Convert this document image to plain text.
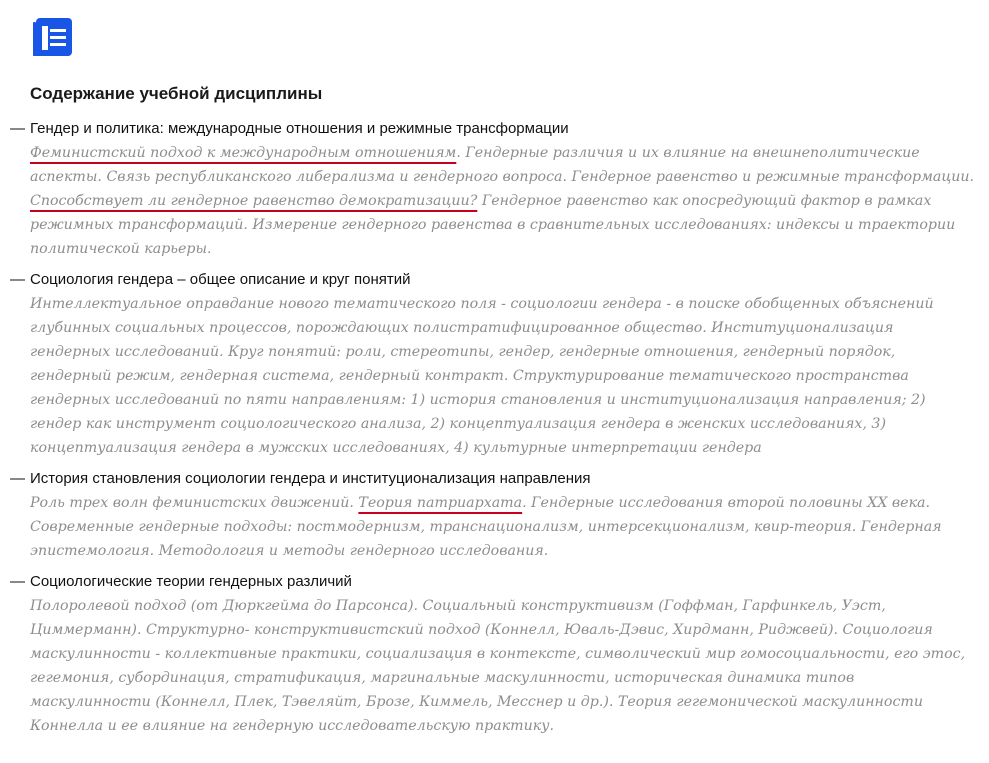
Содержание учебной дисциплины
— Гендер и политика: международные отношения и режимные трансформации
Феминистский подход к международным отношениям. Гендерные различия и их влияние на внешнеполитические аспекты. Связь республиканского либерализма и гендерного вопроса. Гендерное равенство и режимные трансформации. Способствует ли гендерное равенство демократизации? Гендерное равенство как опосредующий фактор в рамках режимных трансформаций. Измерение гендерного равенства в сравнительных исследованиях: индексы и траектории политической карьеры.
— Социология гендера – общее описание и круг понятий
Интеллектуальное оправдание нового тематического поля - социологии гендера - в поиске обобщенных объяснений глубинных социальных процессов, порождающих полистратифицированное общество. Институционализация гендерных исследований. Круг понятий: роли, стереотипы, гендер, гендерные отношения, гендерный порядок, гендерный режим, гендерная система, гендерный контракт. Структурирование тематического пространства гендерных исследований по пяти направлениям: 1) история становления и институционализация направления; 2) гендер как инструмент социологического анализа, 2) концептуализация гендера в женских исследованиях, 3) концептуализация гендера в мужских исследованиях, 4) культурные интерпретации гендера
— История становления социологии гендера и институционализация направления
Роль трех волн феминистских движений. Теория патриархата. Гендерные исследования второй половины XX века. Современные гендерные подходы: постмодернизм, транснационализм, интерсекционализм, квир-теория. Гендерная эпистемология. Методология и методы гендерного исследования.
— Социологические теории гендерных различий
Полоролевой подход (от Дюркгейма до Парсонса). Социальный конструктивизм (Гоффман, Гарфинкель, Уэст, Циммерманн). Структурно- конструктивистский подход (Коннелл, Юваль-Дэвис, Хирдманн, Риджвей). Социология маскулинности - коллективные практики, социализация в контексте, символический мир гомосоциальности, его этос, гегемония, субординация, стратификация, маргинальные маскулинности, историческая динамика типов маскулинности (Коннелл, Плек, Тэвеляйт, Брозе, Киммель, Месснер и др.). Теория гегемонической маскулинности Коннелла и ее влияние на гендерную исследовательскую практику.
